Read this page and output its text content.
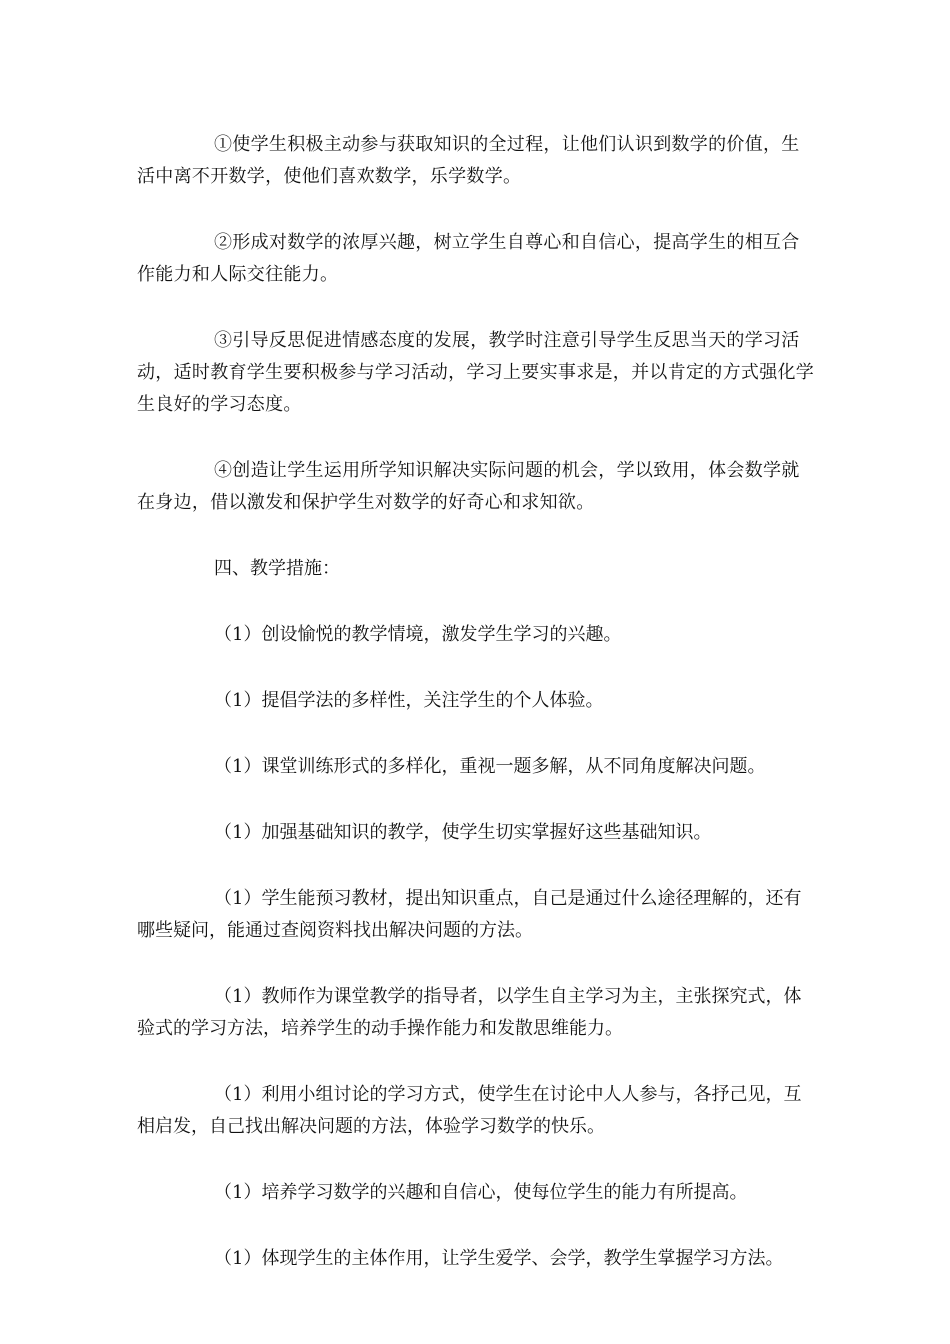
①使学生积极主动参与获取知识的全过程，让他们认识到数学的价值，生活中离不开数学，使他们喜欢数学，乐学数学。

②形成对数学的浓厚兴趣，树立学生自尊心和自信心，提高学生的相互合作能力和人际交往能力。

③引导反思促进情感态度的发展，教学时注意引导学生反思当天的学习活动，适时教育学生要积极参与学习活动，学习上要实事求是，并以肯定的方式强化学生良好的学习态度。

④创造让学生运用所学知识解决实际问题的机会，学以致用，体会数学就在身边，借以激发和保护学生对数学的好奇心和求知欲。

四、教学措施：

（1）创设愉悦的教学情境，激发学生学习的兴趣。

（1）提倡学法的多样性，关注学生的个人体验。

（1）课堂训练形式的多样化，重视一题多解，从不同角度解决问题。

（1）加强基础知识的教学，使学生切实掌握好这些基础知识。

（1）学生能预习教材，提出知识重点，自己是通过什么途径理解的，还有哪些疑问，能通过查阅资料找出解决问题的方法。

（1）教师作为课堂教学的指导者，以学生自主学习为主，主张探究式，体验式的学习方法，培养学生的动手操作能力和发散思维能力。

（1）利用小组讨论的学习方式，使学生在讨论中人人参与，各抒己见，互相启发，自己找出解决问题的方法，体验学习数学的快乐。

（1）培养学习数学的兴趣和自信心，使每位学生的能力有所提高。

（1）体现学生的主体作用，让学生爱学、会学，教学生掌握学习方法。
